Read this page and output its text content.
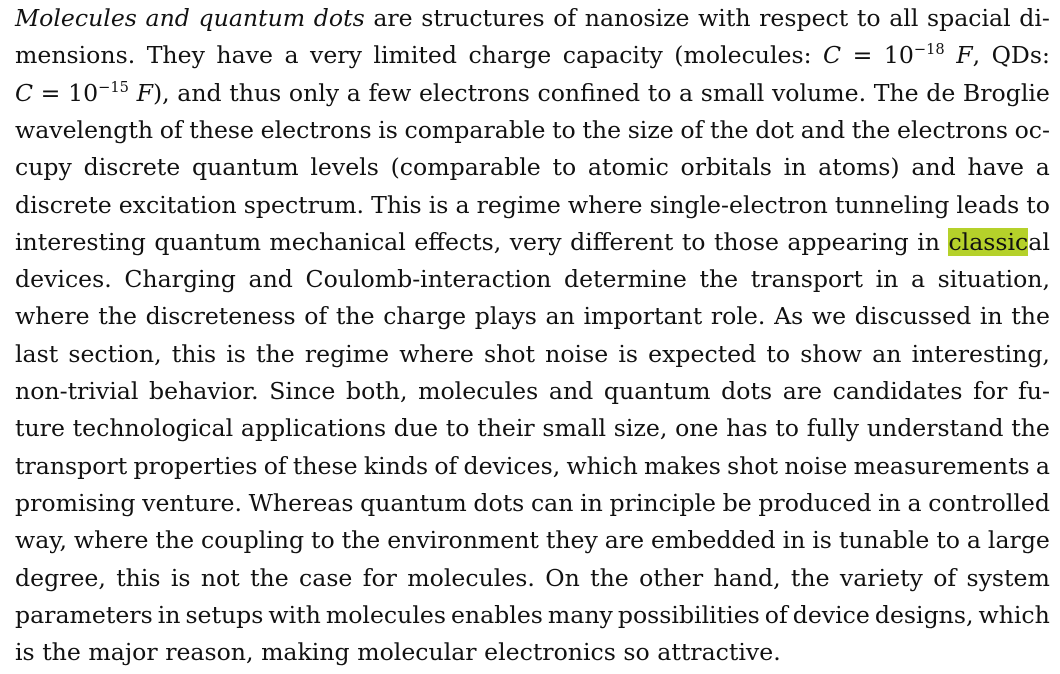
Molecules and quantum dots are structures of nanosize with respect to all spacial di-
mensions. They have a very limited charge capacity (molecules: $C = 10^{-18}$ F, QDs:
$C = 10^{-15}$ F), and thus only a few electrons confined to a small volume. The de Broglie
wavelength of these electrons is comparable to the size of the dot and the electrons oc-
cupy discrete quantum levels (comparable to atomic orbitals in atoms) and have a
discrete excitation spectrum. This is a regime where single-electron tunneling leads to
interesting quantum mechanical effects, very different to those appearing in classical
devices. Charging and Coulomb-interaction determine the transport in a situation,
where the discreteness of the charge plays an important role. As we discussed in the
last section, this is the regime where shot noise is expected to show an interesting,
non-trivial behavior. Since both, molecules and quantum dots are candidates for fu-
ture technological applications due to their small size, one has to fully understand the
transport properties of these kinds of devices, which makes shot noise measurements a
promising venture. Whereas quantum dots can in principle be produced in a controlled
way, where the coupling to the environment they are embedded in is tunable to a large
degree, this is not the case for molecules. On the other hand, the variety of system
parameters in setups with molecules enables many possibilities of device designs, which
is the major reason, making molecular electronics so attractive.
